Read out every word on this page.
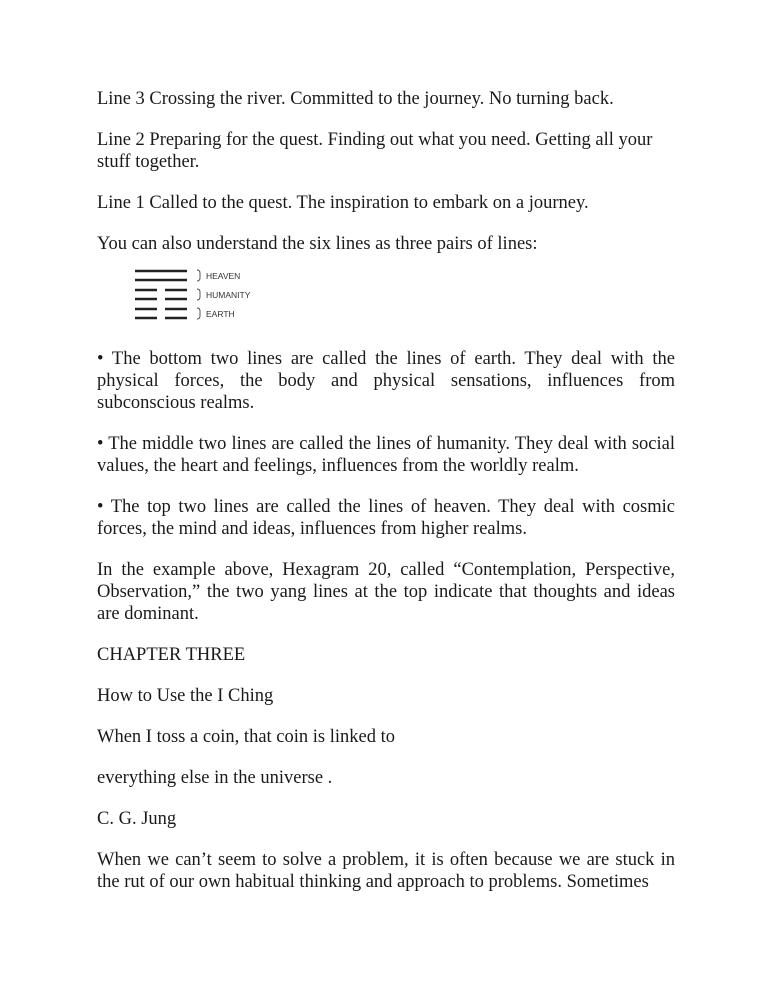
Line 3 Crossing the river. Committed to the journey. No turning back.

Line 2 Preparing for the quest. Finding out what you need. Getting all your stuff together.

Line 1 Called to the quest. The inspiration to embark on a journey.

You can also understand the six lines as three pairs of lines:

HEAVEN
HUMANITY
EARTH

• The bottom two lines are called the lines of earth. They deal with the physical forces, the body and physical sensations, influences from subconscious realms.

• The middle two lines are called the lines of humanity. They deal with social values, the heart and feelings, influences from the worldly realm.

• The top two lines are called the lines of heaven. They deal with cosmic forces, the mind and ideas, influences from higher realms.

In the example above, Hexagram 20, called “Contemplation, Perspective, Observation,” the two yang lines at the top indicate that thoughts and ideas are dominant.

CHAPTER THREE

How to Use the I Ching

When I toss a coin, that coin is linked to

everything else in the universe .

C. G. Jung

When we can’t seem to solve a problem, it is often because we are stuck in the rut of our own habitual thinking and approach to problems. Sometimes
